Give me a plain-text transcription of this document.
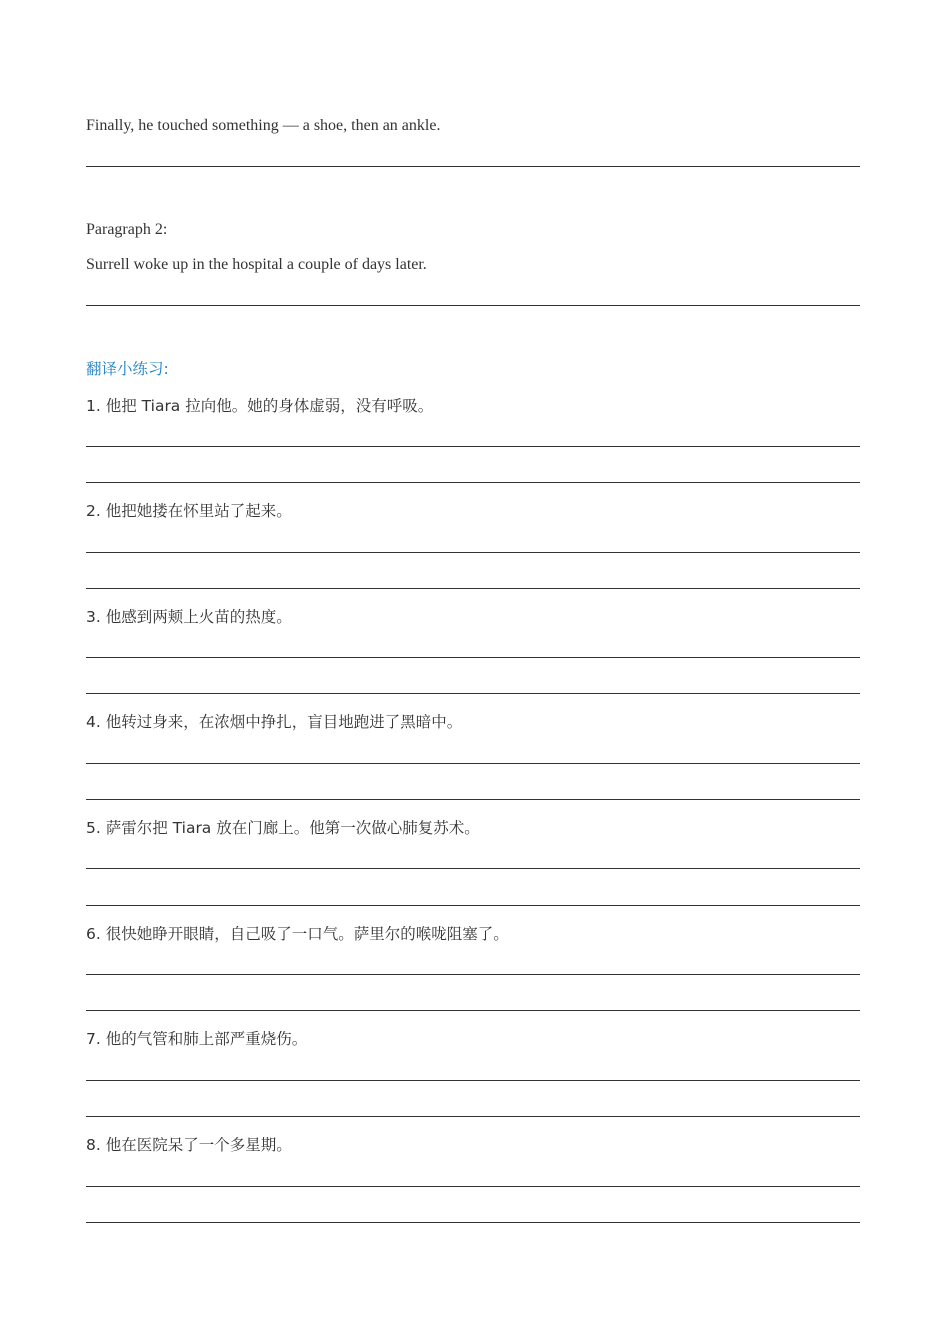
Finally, he touched something — a shoe, then an ankle.
Paragraph 2:
Surrell woke up in the hospital a couple of days later.
翻译小练习:
1. 他把 Tiara 拉向他。她的身体虚弱，没有呼吸。
2. 他把她搂在怀里站了起来。
3. 他感到两颊上火苗的热度。
4. 他转过身来，在浓烟中挣扎，盲目地跑进了黑暗中。
5. 萨雷尔把 Tiara 放在门廊上。他第一次做心肺复苏术。
6. 很快她睁开眼睛，自己吸了一口气。萨里尔的喉咙阻塞了。
7. 他的气管和肺上部严重烧伤。
8. 他在医院呆了一个多星期。
